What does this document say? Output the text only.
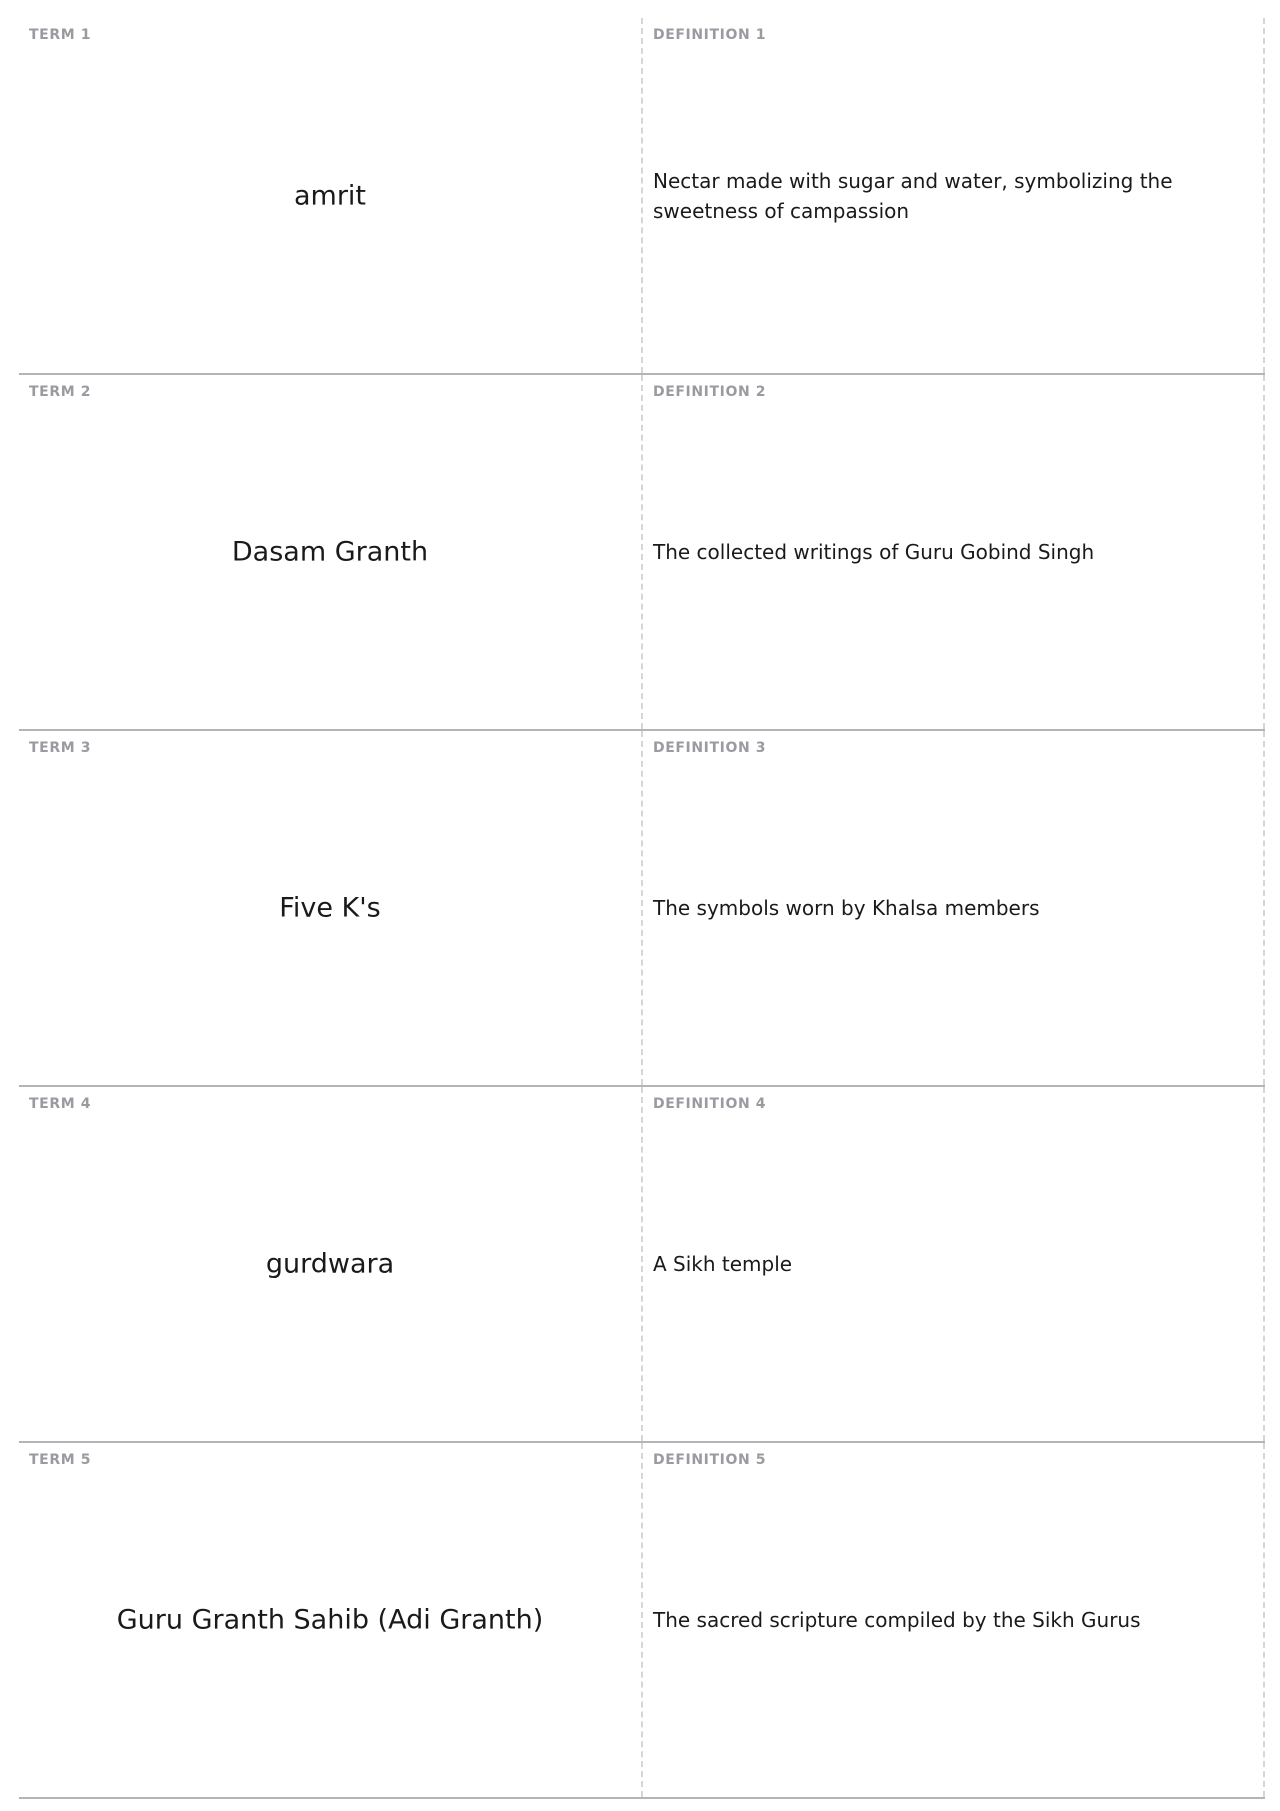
TERM 1
amrit
DEFINITION 1
Nectar made with sugar and water, symbolizing the sweetness of campassion
TERM 2
Dasam Granth
DEFINITION 2
The collected writings of Guru Gobind Singh
TERM 3
Five K's
DEFINITION 3
The symbols worn by Khalsa members
TERM 4
gurdwara
DEFINITION 4
A Sikh temple
TERM 5
Guru Granth Sahib (Adi Granth)
DEFINITION 5
The sacred scripture compiled by the Sikh Gurus
